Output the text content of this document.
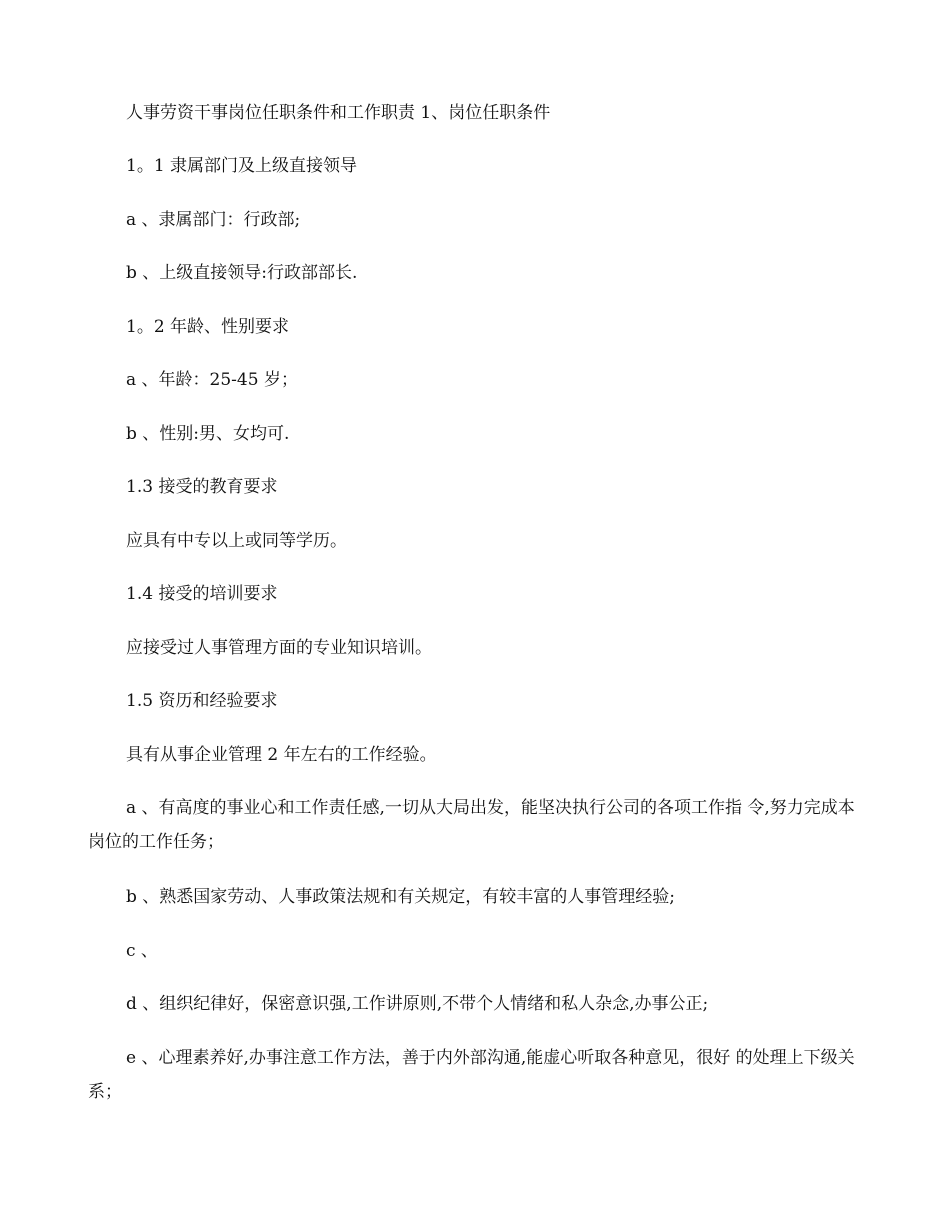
人事劳资干事岗位任职条件和工作职责 1、岗位任职条件

1。1 隶属部门及上级直接领导

a 、隶属部门：行政部;

b 、上级直接领导:行政部部长.

1。2 年龄、性别要求

a 、年龄：25-45 岁；

b 、性别:男、女均可.

1.3 接受的教育要求

应具有中专以上或同等学历。

1.4 接受的培训要求

应接受过人事管理方面的专业知识培训。

1.5 资历和经验要求

具有从事企业管理 2 年左右的工作经验。

a 、有高度的事业心和工作责任感,一切从大局出发，能坚决执行公司的各项工作指 令,努力完成本岗位的工作任务；

b 、熟悉国家劳动、人事政策法规和有关规定，有较丰富的人事管理经验;

c 、

d 、组织纪律好，保密意识强,工作讲原则,不带个人情绪和私人杂念,办事公正;

e 、心理素养好,办事注意工作方法，善于内外部沟通,能虚心听取各种意见，很好 的处理上下级关系；
